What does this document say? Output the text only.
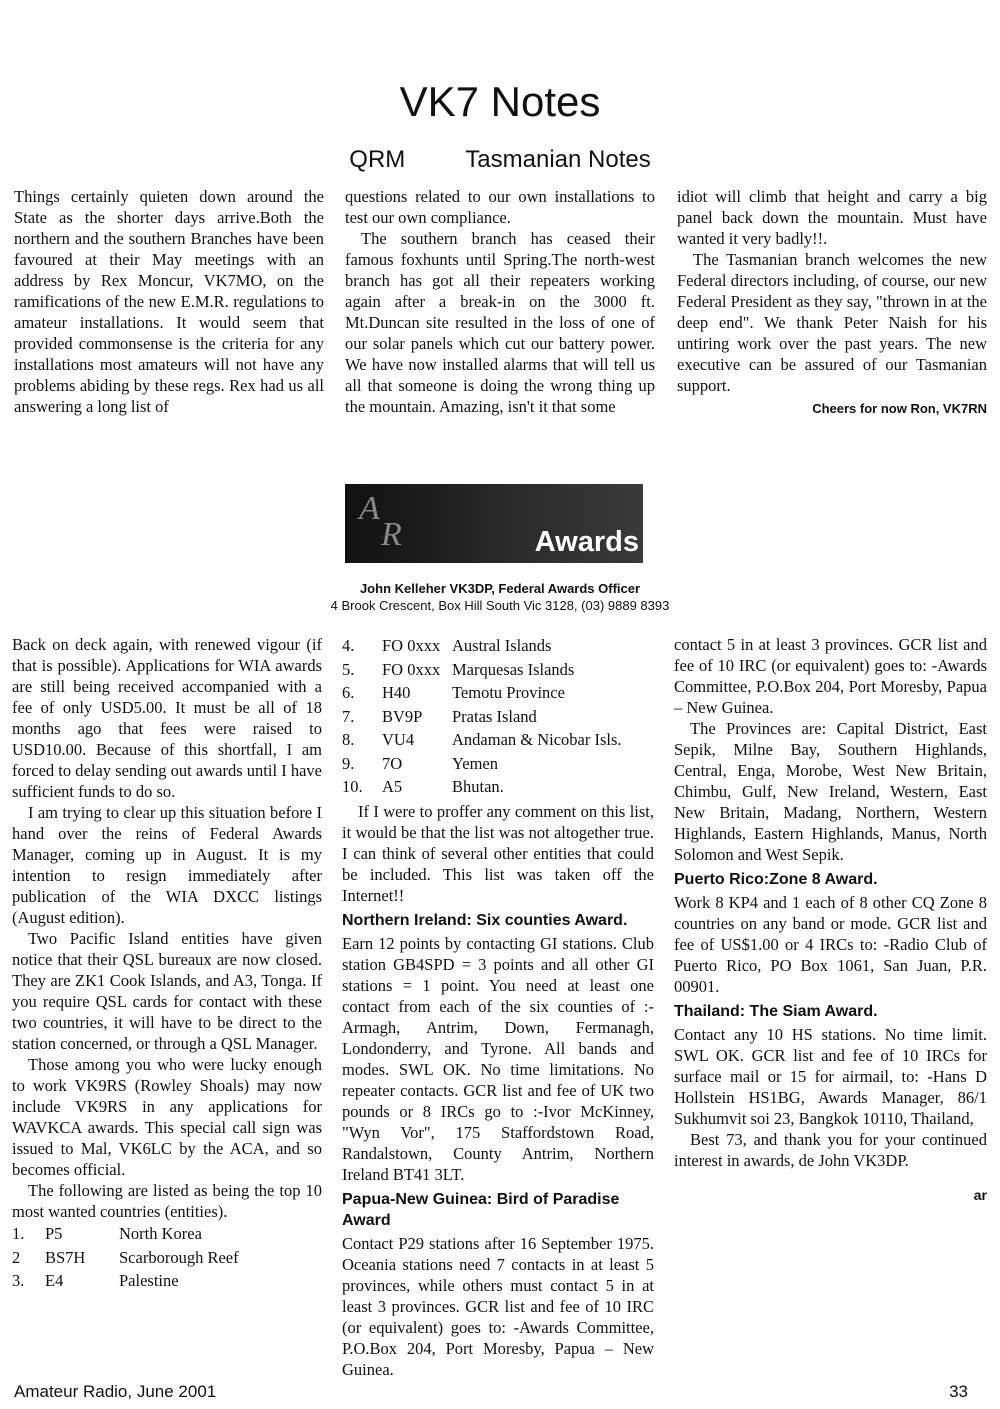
VK7 Notes
QRM	Tasmanian Notes

Things certainly quieten down around the State as the shorter days arrive.Both the northern and the southern Branches have been favoured at their May meetings with an address by Rex Moncur, VK7MO, on the ramifications of the new E.M.R. regulations to amateur installations. It would seem that provided commonsense is the criteria for any installations most amateurs will not have any problems abiding by these regs. Rex had us all answering a long list of

questions related to our own installations to test our own compliance.

The southern branch has ceased their famous foxhunts until Spring.The north-west branch has got all their repeaters working again after a break-in on the 3000 ft. Mt.Duncan site resulted in the loss of one of our solar panels which cut our battery power. We have now installed alarms that will tell us all that someone is doing the wrong thing up the mountain. Amazing, isn't it that some

idiot will climb that height and carry a big panel back down the mountain. Must have wanted it very badly!!.

The Tasmanian branch welcomes the new Federal directors including, of course, our new Federal President as they say, "thrown in at the deep end". We thank Peter Naish for his untiring work over the past years. The new executive can be assured of our Tasmanian support.

Cheers for now Ron, VK7RN
A
R	Awards
John Kelleher VK3DP, Federal Awards Officer
4 Brook Crescent, Box Hill South Vic 3128, (03) 9889 8393

Back on deck again, with renewed vigour (if that is possible). Applications for WIA awards are still being received accompanied with a fee of only USD5.00. It must be all of 18 months ago that fees were raised to USD10.00. Because of this shortfall, I am forced to delay sending out awards until I have sufficient funds to do so.

I am trying to clear up this situation before I hand over the reins of Federal Awards Manager, coming up in August. It is my intention to resign immediately after publication of the WIA DXCC listings (August edition).

Two Pacific Island entities have given notice that their QSL bureaux are now closed. They are ZK1 Cook Islands, and A3, Tonga. If you require QSL cards for contact with these two countries, it will have to be direct to the station concerned, or through a QSL Manager.

Those among you who were lucky enough to work VK9RS (Rowley Shoals) may now include VK9RS in any applications for WAVKCA awards. This special call sign was issued to Mal, VK6LC by the ACA, and so becomes official.

The following are listed as being the top 10 most wanted countries (entities).

1.	P5	North Korea
2	BS7H	Scarborough Reef
3.	E4	Palestine
4.	FO 0xxx	Austral Islands
5.	FO 0xxx	Marquesas Islands
6.	H40	Temotu Province
7.	BV9P	Pratas Island
8.	VU4	Andaman & Nicobar Isls.
9.	7O	Yemen
10.	A5	Bhutan.

If I were to proffer any comment on this list, it would be that the list was not altogether true. I can think of several other entities that could be included. This list was taken off the Internet!!

Northern Ireland: Six counties Award.

Earn 12 points by contacting GI stations. Club station GB4SPD = 3 points and all other GI stations = 1 point. You need at least one contact from each of the six counties of :-Armagh, Antrim, Down, Fermanagh, Londonderry, and Tyrone. All bands and modes. SWL OK. No time limitations. No repeater contacts. GCR list and fee of UK two pounds or 8 IRCs go to :-Ivor McKinney, "Wyn Vor", 175 Staffordstown Road, Randalstown, County Antrim, Northern Ireland BT41 3LT.

Papua-New Guinea: Bird of Paradise Award

Contact P29 stations after 16 September 1975. Oceania stations need 7 contacts in at least 5 provinces, while others must contact 5 in at least 3 provinces. GCR list and fee of 10 IRC (or equivalent) goes to: -Awards Committee, P.O.Box 204, Port Moresby, Papua – New Guinea.

contact 5 in at least 3 provinces. GCR list and fee of 10 IRC (or equivalent) goes to: -Awards Committee, P.O.Box 204, Port Moresby, Papua – New Guinea.

The Provinces are: Capital District, East Sepik, Milne Bay, Southern Highlands, Central, Enga, Morobe, West New Britain, Chimbu, Gulf, New Ireland, Western, East New Britain, Madang, Northern, Western Highlands, Eastern Highlands, Manus, North Solomon and West Sepik.

Puerto Rico:Zone 8 Award.

Work 8 KP4 and 1 each of 8 other CQ Zone 8 countries on any band or mode. GCR list and fee of US$1.00 or 4 IRCs to: -Radio Club of Puerto Rico, PO Box 1061, San Juan, P.R. 00901.

Thailand: The Siam Award.

Contact any 10 HS stations. No time limit. SWL OK. GCR list and fee of 10 IRCs for surface mail or 15 for airmail, to: -Hans D Hollstein HS1BG, Awards Manager, 86/1 Sukhumvit soi 23, Bangkok 10110, Thailand,

Best 73, and thank you for your continued interest in awards, de John VK3DP.

ar
Amateur Radio, June 2001	33
